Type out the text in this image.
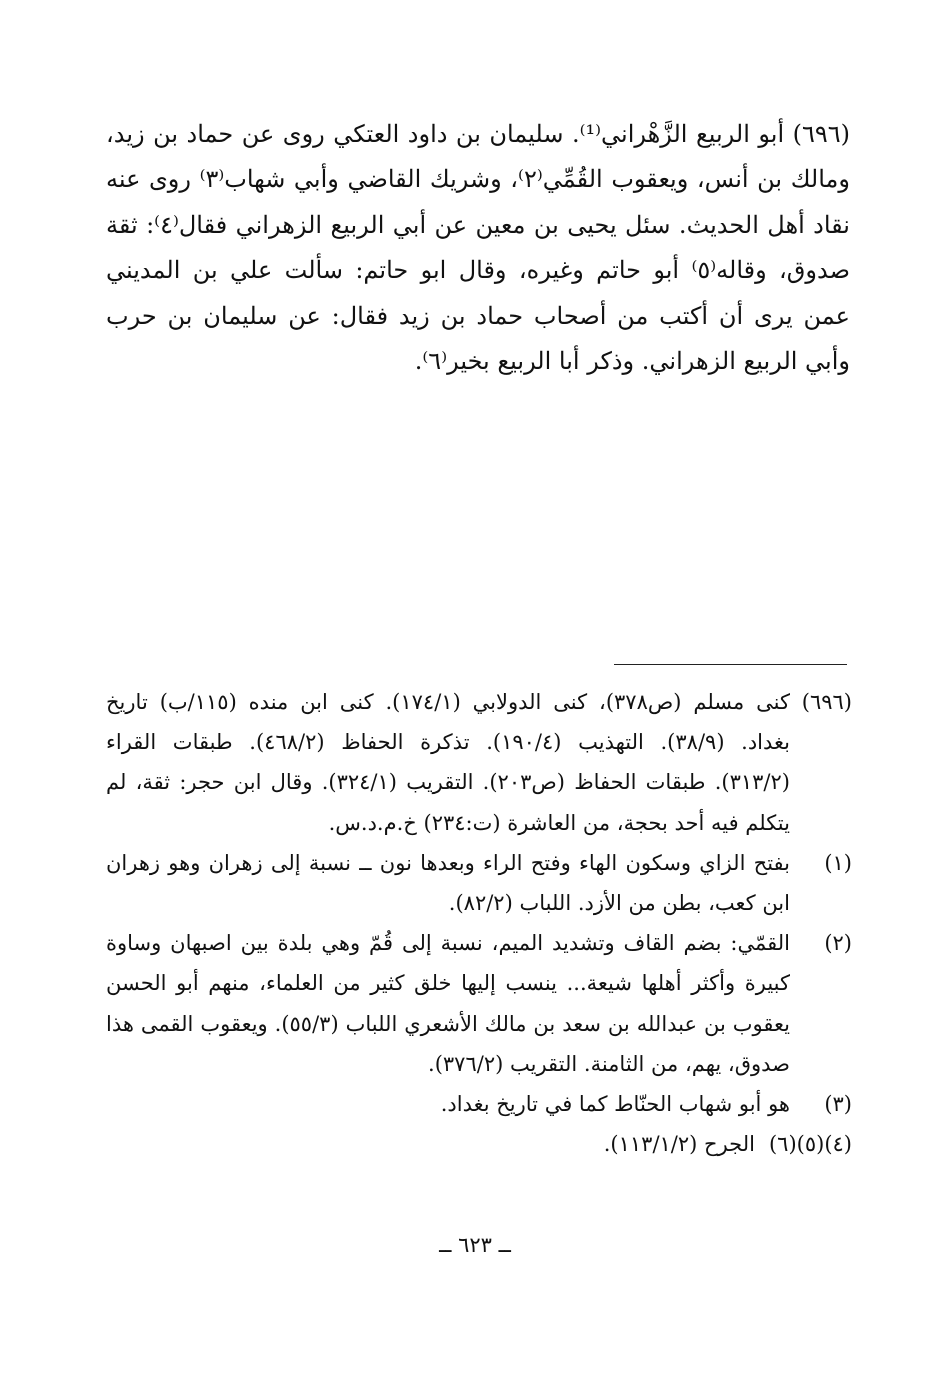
(٦٩٦) أبو الربيع الزَّهْراني⁽¹⁾. سليمان بن داود العتكي روى عن حماد بن زيد، ومالك بن أنس، ويعقوب القُمِّي⁽٢⁾، وشريك القاضي وأبي شهاب⁽٣⁾ روى عنه نقاد أهل الحديث. سئل يحيى بن معين عن أبي الربيع الزهراني فقال⁽٤⁾: ثقة صدوق، وقاله⁽٥⁾ أبو حاتم وغيره، وقال ابو حاتم: سألت علي بن المديني عمن يرى أن أكتب من أصحاب حماد بن زيد فقال: عن سليمان بن حرب وأبي الربيع الزهراني. وذكر أبا الربيع بخير⁽٦⁾.

(٦٩٦)
كنى مسلم (ص٣٧٨)، كنى الدولابي (١٧٤/١). كنى ابن منده (١١٥/ب) تاريخ بغداد. (٣٨/٩). التهذيب (١٩٠/٤). تذكرة الحفاظ (٤٦٨/٢). طبقات القراء (٣١٣/٢). طبقات الحفاظ (ص٢٠٣). التقريب (٣٢٤/١). وقال ابن حجر: ثقة، لم يتكلم فيه أحد بحجة، من العاشرة (ت:٢٣٤) خ.م.د.س.
(١)
بفتح الزاي وسكون الهاء وفتح الراء وبعدها نون ــ نسبة إلى زهران وهو زهران ابن كعب، بطن من الأزد. اللباب (٨٢/٢).
(٢)
القمّي: بضم القاف وتشديد الميم، نسبة إلى قُمّ وهي بلدة بين اصبهان وساوة كبيرة وأكثر أهلها شيعة... ينسب إليها خلق كثير من العلماء، منهم أبو الحسن يعقوب بن عبدالله بن سعد بن مالك الأشعري اللباب (٥٥/٣). ويعقوب القمى هذا صدوق، يهم، من الثامنة. التقريب (٣٧٦/٢).
(٣)
هو أبو شهاب الحنّاط كما في تاريخ بغداد.
(٤)(٥)(٦)الجرح (١١٣/١/٢).
ــ ٦٢٣ ــ
